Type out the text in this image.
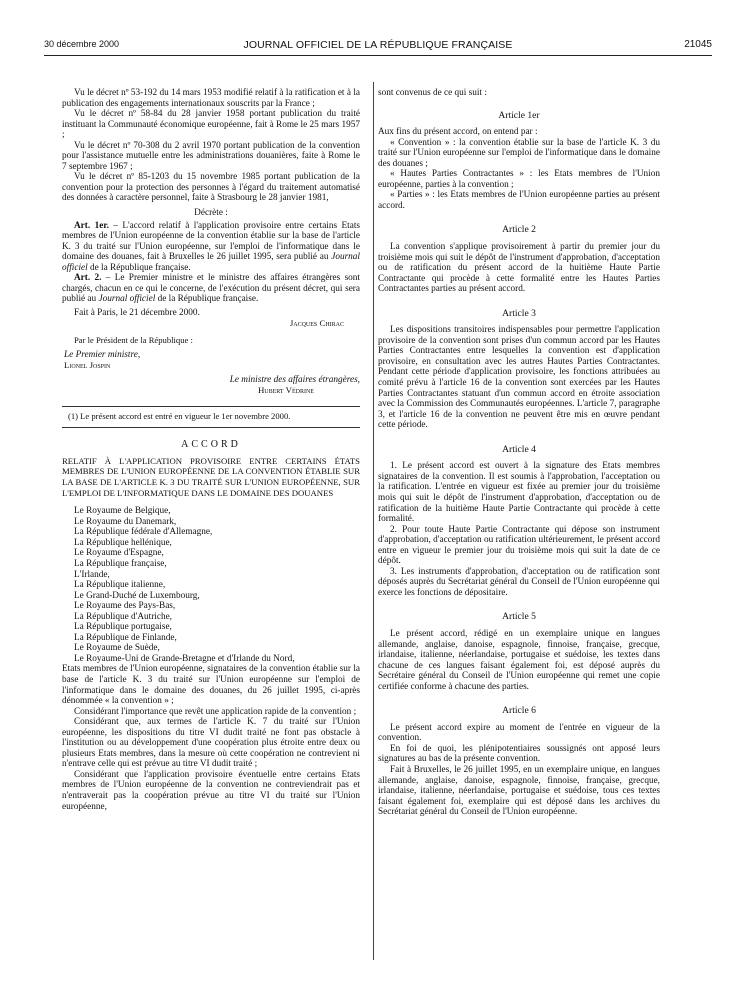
30 décembre 2000	JOURNAL OFFICIEL DE LA RÉPUBLIQUE FRANÇAISE	21045

Vu le décret nº 53-192 du 14 mars 1953 modifié relatif à la ratification et à la publication des engagements internationaux souscrits par la France ;

Vu le décret nº 58-84 du 28 janvier 1958 portant publication du traité instituant la Communauté économique européenne, fait à Rome le 25 mars 1957 ;

Vu le décret nº 70-308 du 2 avril 1970 portant publication de la convention pour l'assistance mutuelle entre les administrations douanières, faite à Rome le 7 septembre 1967 ;

Vu le décret nº 85-1203 du 15 novembre 1985 portant publication de la convention pour la protection des personnes à l'égard du traitement automatisé des données à caractère personnel, faite à Strasbourg le 28 janvier 1981,

Décrète :

Art. 1er. – L'accord relatif à l'application provisoire entre certains Etats membres de l'Union européenne de la convention établie sur la base de l'article K. 3 du traité sur l'Union européenne, sur l'emploi de l'informatique dans le domaine des douanes, fait à Bruxelles le 26 juillet 1995, sera publié au Journal officiel de la République française.

Art. 2. – Le Premier ministre et le ministre des affaires étrangères sont chargés, chacun en ce qui le concerne, de l'exécution du présent décret, qui sera publié au Journal officiel de la République française.

Fait à Paris, le 21 décembre 2000.

Jacques Chirac

Par le Président de la République :

Le Premier ministre,

Lionel Jospin

Le ministre des affaires étrangères,

Hubert Védrine

(1) Le présent accord est entré en vigueur le 1er novembre 2000.

ACCORD

RELATIF À L'APPLICATION PROVISOIRE ENTRE CERTAINS ÉTATS MEMBRES DE L'UNION EUROPÉENNE DE LA CONVENTION ÉTABLIE SUR LA BASE DE L'ARTICLE K. 3 DU TRAITÉ SUR L'UNION EUROPÉENNE, SUR L'EMPLOI DE L'INFORMATIQUE DANS LE DOMAINE DES DOUANES

Le Royaume de Belgique,
Le Royaume du Danemark,
La République fédérale d'Allemagne,
La République hellénique,
Le Royaume d'Espagne,
La République française,
L'Irlande,
La République italienne,
Le Grand-Duché de Luxembourg,
Le Royaume des Pays-Bas,
La République d'Autriche,
La République portugaise,
La République de Finlande,
Le Royaume de Suède,
Le Royaume-Uni de Grande-Bretagne et d'Irlande du Nord,

Etats membres de l'Union européenne, signataires de la convention établie sur la base de l'article K. 3 du traité sur l'Union européenne sur l'emploi de l'informatique dans le domaine des douanes, du 26 juillet 1995, ci-après dénommée « la convention » ;

Considérant l'importance que revêt une application rapide de la convention ;

Considérant que, aux termes de l'article K. 7 du traité sur l'Union européenne, les dispositions du titre VI dudit traité ne font pas obstacle à l'institution ou au développement d'une coopération plus étroite entre deux ou plusieurs Etats membres, dans la mesure où cette coopération ne contrevient ni n'entrave celle qui est prévue au titre VI dudit traité ;

Considérant que l'application provisoire éventuelle entre certains Etats membres de l'Union européenne de la convention ne contreviendrait pas et n'entraverait pas la coopération prévue au titre VI du traité sur l'Union européenne,

sont convenus de ce qui suit :

Article 1er

Aux fins du présent accord, on entend par :

« Convention » : la convention établie sur la base de l'article K. 3 du traité sur l'Union européenne sur l'emploi de l'informatique dans le domaine des douanes ;

« Hautes Parties Contractantes » : les Etats membres de l'Union européenne, parties à la convention ;

« Parties » : les Etats membres de l'Union européenne parties au présent accord.

Article 2

La convention s'applique provisoirement à partir du premier jour du troisième mois qui suit le dépôt de l'instrument d'approbation, d'acceptation ou de ratification du présent accord de la huitième Haute Partie Contractante qui procède à cette formalité entre les Hautes Parties Contractantes parties au présent accord.

Article 3

Les dispositions transitoires indispensables pour permettre l'application provisoire de la convention sont prises d'un commun accord par les Hautes Parties Contractantes entre lesquelles la convention est d'application provisoire, en consultation avec les autres Hautes Parties Contractantes. Pendant cette période d'application provisoire, les fonctions attribuées au comité prévu à l'article 16 de la convention sont exercées par les Hautes Parties Contractantes statuant d'un commun accord en étroite association avec la Commission des Communautés européennes. L'article 7, paragraphe 3, et l'article 16 de la convention ne peuvent être mis en œuvre pendant cette période.

Article 4

1. Le présent accord est ouvert à la signature des Etats membres signataires de la convention. Il est soumis à l'approbation, l'acceptation ou la ratification. L'entrée en vigueur est fixée au premier jour du troisième mois qui suit le dépôt de l'instrument d'approbation, d'acceptation ou de ratification de la huitième Haute Partie Contractante qui procède à cette formalité.

2. Pour toute Haute Partie Contractante qui dépose son instrument d'approbation, d'acceptation ou ratification ultérieurement, le présent accord entre en vigueur le premier jour du troisième mois qui suit la date de ce dépôt.

3. Les instruments d'approbation, d'acceptation ou de ratification sont déposés auprès du Secrétariat général du Conseil de l'Union européenne qui exerce les fonctions de dépositaire.

Article 5

Le présent accord, rédigé en un exemplaire unique en langues allemande, anglaise, danoise, espagnole, finnoise, française, grecque, irlandaise, italienne, néerlandaise, portugaise et suédoise, les textes dans chacune de ces langues faisant également foi, est déposé auprès du Secrétaire général du Conseil de l'Union européenne qui remet une copie certifiée conforme à chacune des parties.

Article 6

Le présent accord expire au moment de l'entrée en vigueur de la convention.

En foi de quoi, les plénipotentiaires soussignés ont apposé leurs signatures au bas de la présente convention.

Fait à Bruxelles, le 26 juillet 1995, en un exemplaire unique, en langues allemande, anglaise, danoise, espagnole, finnoise, française, grecque, irlandaise, italienne, néerlandaise, portugaise et suédoise, tous ces textes faisant également foi, exemplaire qui est déposé dans les archives du Secrétariat général du Conseil de l'Union européenne.
